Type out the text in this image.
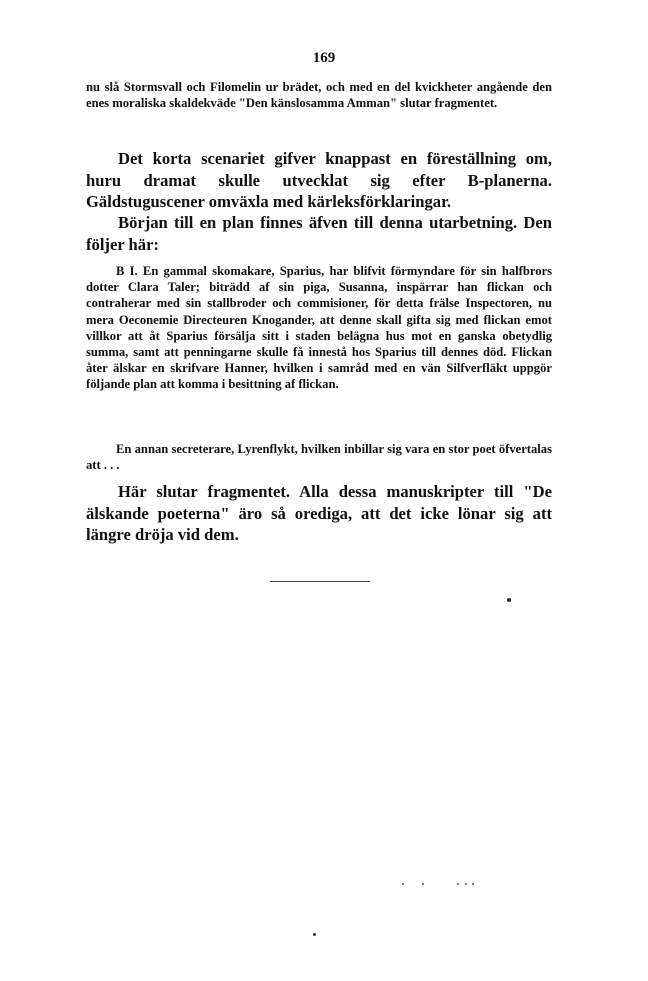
169

nu slå Stormsvall och Filomelin ur brädet, och med en del kvickheter angående den enes moraliska skaldekväde "Den känslosamma Amman" slutar fragmentet.

Det korta scenariet gifver knappast en föreställning om, huru dramat skulle utvecklat sig efter B-planerna. Gäldstuguscener omväxla med kärleksförklaringar.

Början till en plan finnes äfven till denna utarbetning. Den följer här:

B I. En gammal skomakare, Sparius, har blifvit förmyndare för sin halfbrors dotter Clara Taler; biträdd af sin piga, Susanna, inspärrar han flickan och contraherar med sin stallbroder och commisioner, för detta frälse Inspectoren, nu mera Oeconemie Directeuren Knogander, att denne skall gifta sig med flickan emot villkor att åt Sparius försälja sitt i staden belägna hus mot en ganska obetydlig summa, samt att penningarne skulle få innestå hos Sparius till dennes död. Flickan åter älskar en skrifvare Hanner, hvilken i samråd med en vän Silfverfläkt uppgör följande plan att komma i besittning af flickan.

En annan secreterare, Lyrenflykt, hvilken inbillar sig vara en stor poet öfvertalas att . . .

Här slutar fragmentet. Alla dessa manuskripter till "De älskande poeterna" äro så orediga, att det icke lönar sig att längre dröja vid dem.
